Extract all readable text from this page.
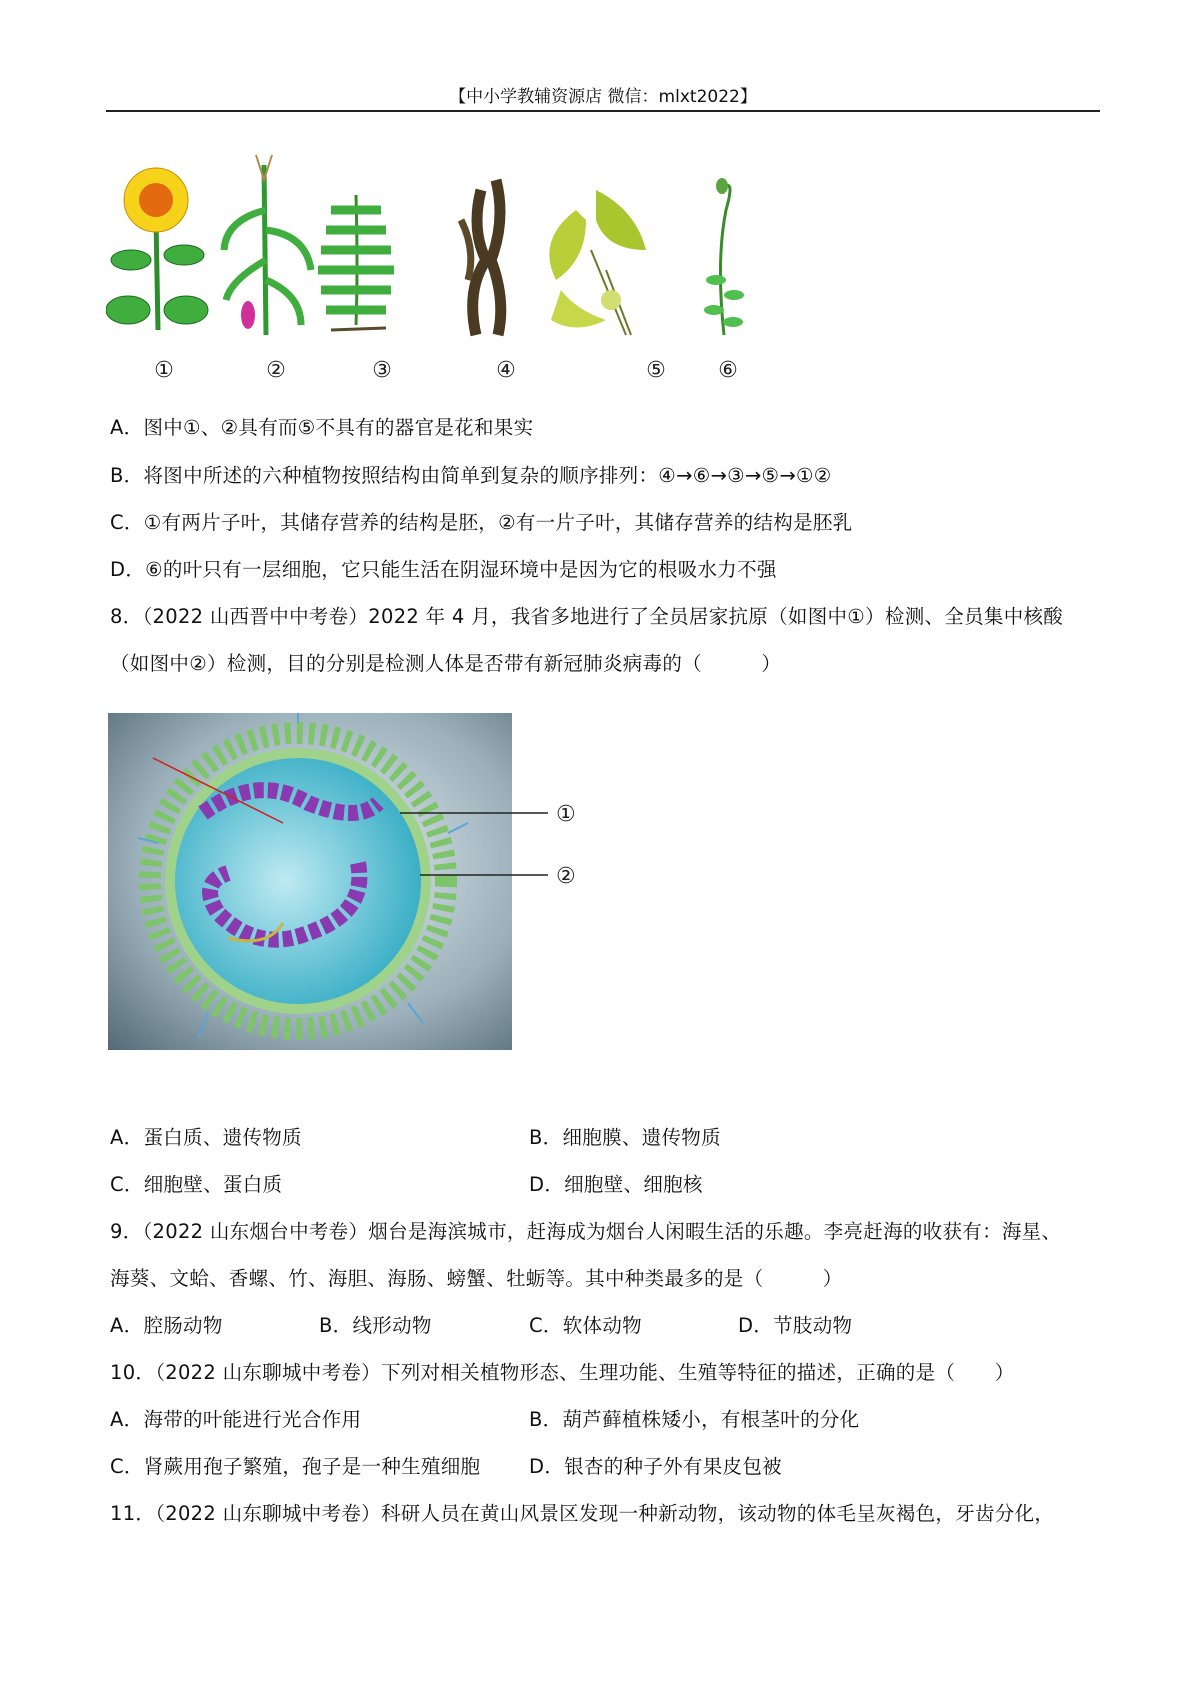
【中小学教辅资源店 微信：mlxt2022】
①	②	③	④	⑤ ⑥
A．图中①、②具有而⑤不具有的器官是花和果实
B．将图中所述的六种植物按照结构由简单到复杂的顺序排列：④→⑥→③→⑤→①②
C．①有两片子叶，其储存营养的结构是胚，②有一片子叶，其储存营养的结构是胚乳
D．⑥的叶只有一层细胞，它只能生活在阴湿环境中是因为它的根吸水力不强
8．（2022 山西晋中中考卷）2022 年 4 月，我省多地进行了全员居家抗原（如图中①）检测、全员集中核酸
（如图中②）检测，目的分别是检测人体是否带有新冠肺炎病毒的（　　　）
①
②
A．蛋白质、遗传物质	B．细胞膜、遗传物质
C．细胞壁、蛋白质	D．细胞壁、细胞核
9．（2022 山东烟台中考卷）烟台是海滨城市，赶海成为烟台人闲暇生活的乐趣。李亮赶海的收获有：海星、
海葵、文蛤、香螺、竹、海胆、海肠、螃蟹、牡蛎等。其中种类最多的是（　　　）
A．腔肠动物	B．线形动物	C．软体动物	D．节肢动物
10．（2022 山东聊城中考卷）下列对相关植物形态、生理功能、生殖等特征的描述，正确的是（　　）
A．海带的叶能进行光合作用	B．葫芦藓植株矮小，有根茎叶的分化
C．肾蕨用孢子繁殖，孢子是一种生殖细胞 D．银杏的种子外有果皮包被
11．（2022 山东聊城中考卷）科研人员在黄山风景区发现一种新动物，该动物的体毛呈灰褐色，牙齿分化，
